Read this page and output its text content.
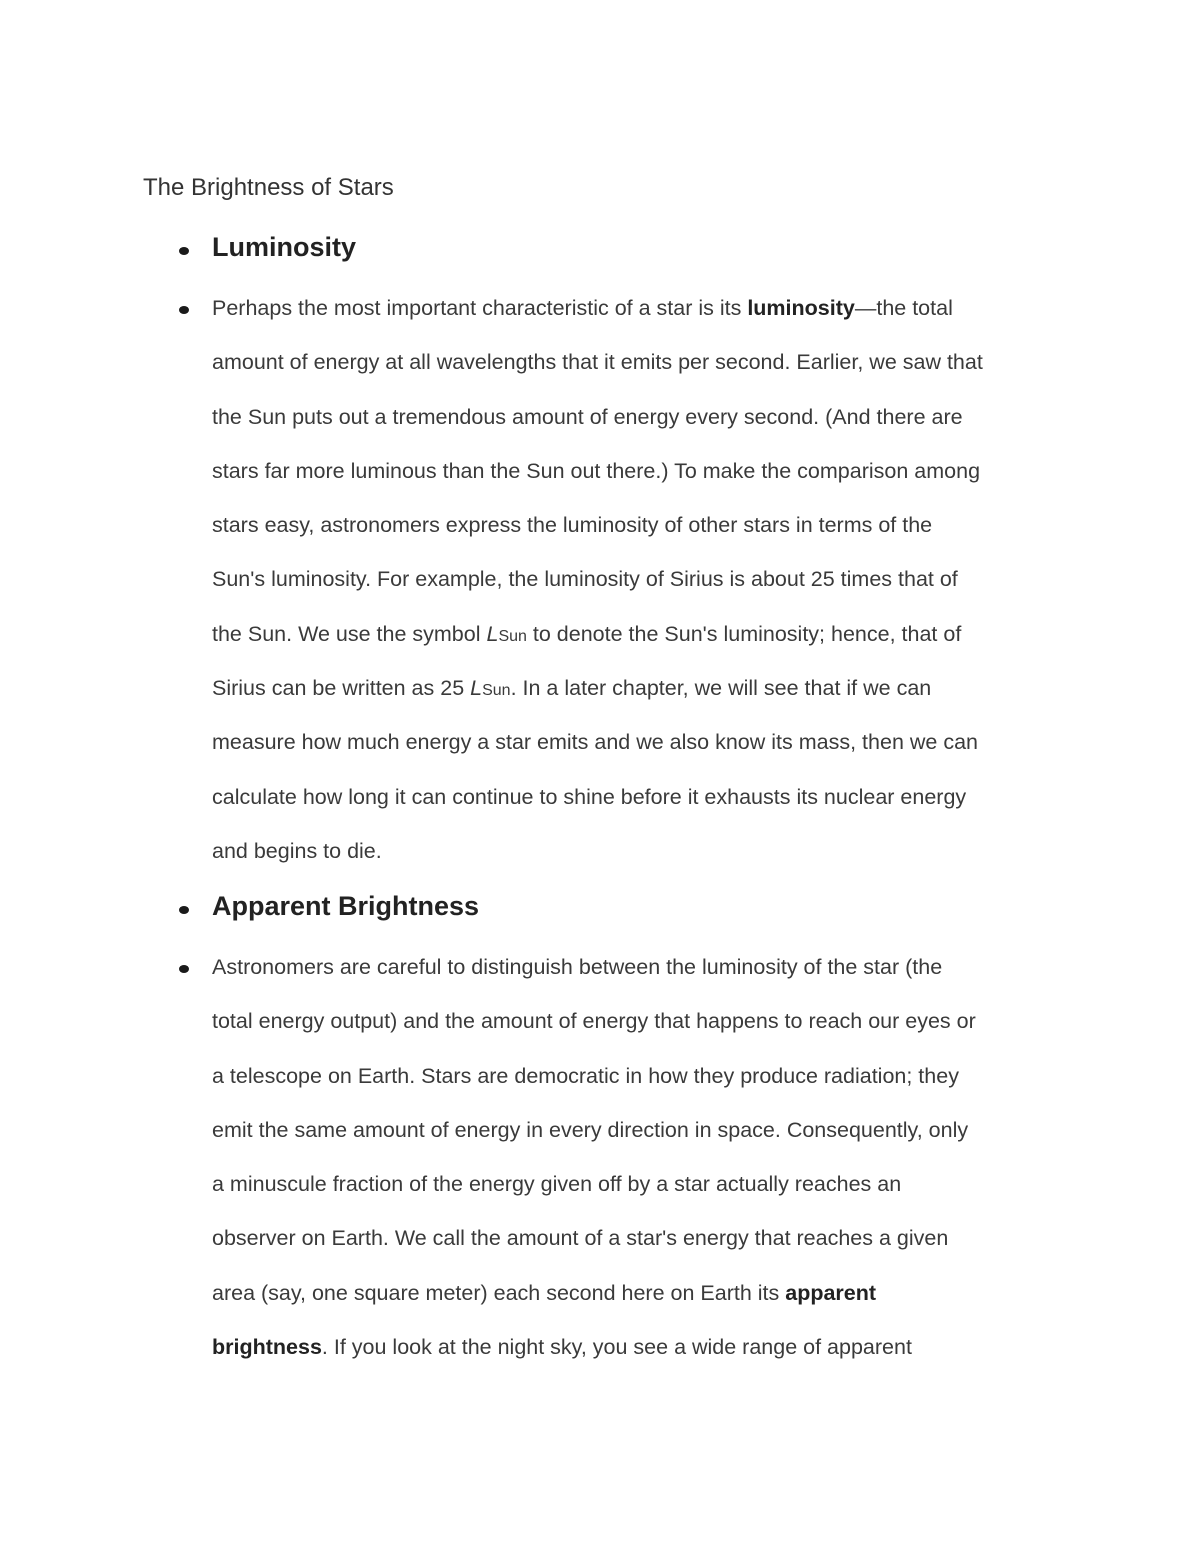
The Brightness of Stars
Luminosity
Perhaps the most important characteristic of a star is its luminosity—the total
amount of energy at all wavelengths that it emits per second. Earlier, we saw that
the Sun puts out a tremendous amount of energy every second. (And there are
stars far more luminous than the Sun out there.) To make the comparison among
stars easy, astronomers express the luminosity of other stars in terms of the
Sun's luminosity. For example, the luminosity of Sirius is about 25 times that of
the Sun. We use the symbol LSun to denote the Sun's luminosity; hence, that of
Sirius can be written as 25 LSun. In a later chapter, we will see that if we can
measure how much energy a star emits and we also know its mass, then we can
calculate how long it can continue to shine before it exhausts its nuclear energy
and begins to die.
Apparent Brightness
Astronomers are careful to distinguish between the luminosity of the star (the
total energy output) and the amount of energy that happens to reach our eyes or
a telescope on Earth. Stars are democratic in how they produce radiation; they
emit the same amount of energy in every direction in space. Consequently, only
a minuscule fraction of the energy given off by a star actually reaches an
observer on Earth. We call the amount of a star's energy that reaches a given
area (say, one square meter) each second here on Earth its apparent
brightness. If you look at the night sky, you see a wide range of apparent
